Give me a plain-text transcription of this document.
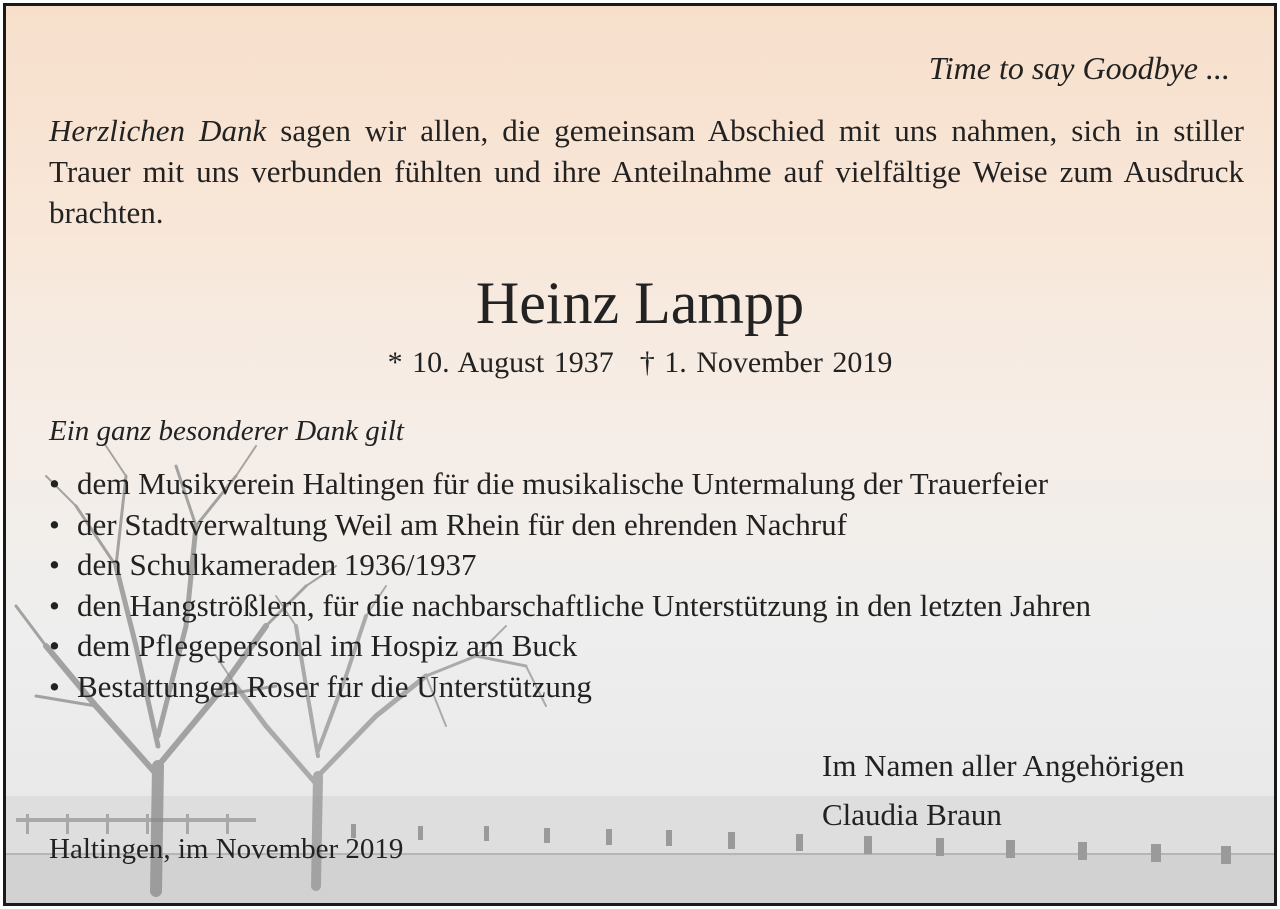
Time to say Goodbye ...
Herzlichen Dank sagen wir allen, die gemeinsam Abschied mit uns nahmen, sich in stiller Trauer mit uns verbunden fühlten und ihre Anteilnahme auf vielfältige Weise zum Ausdruck brachten.
Heinz Lampp
* 10. August 1937 † 1. November 2019
Ein ganz besonderer Dank gilt
• dem Musikverein Haltingen für die musikalische Untermalung der Trauerfeier
• der Stadtverwaltung Weil am Rhein für den ehrenden Nachruf
• den Schulkameraden 1936/1937
• den Hangströßlern, für die nachbarschaftliche Unterstützung in den letzten Jahren
• dem Pflegepersonal im Hospiz am Buck
• Bestattungen Roser für die Unterstützung
Im Namen aller Angehörigen
Claudia Braun
Haltingen, im November 2019
